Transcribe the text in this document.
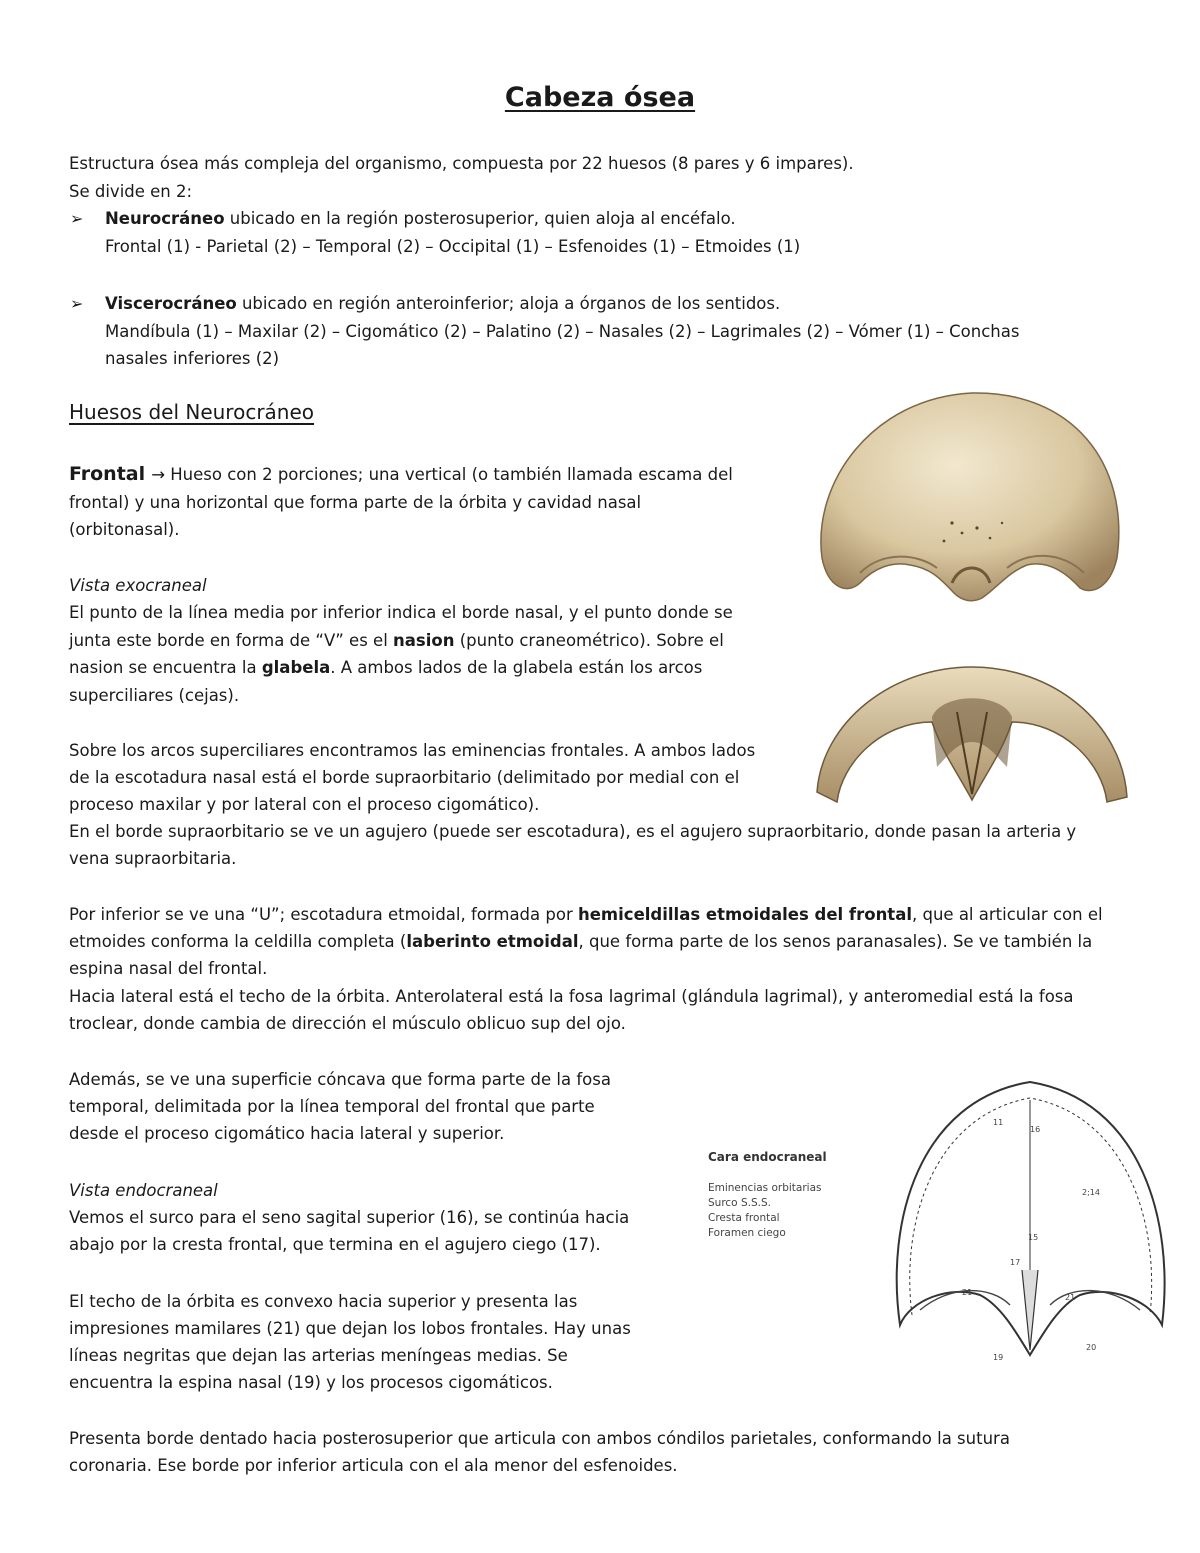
Cabeza ósea
Estructura ósea más compleja del organismo, compuesta por 22 huesos (8 pares y 6 impares).
Se divide en 2:
➢ Neurocráneo ubicado en la región posterosuperior, quien aloja al encéfalo.
Frontal (1) - Parietal (2) – Temporal (2) – Occipital (1) – Esfenoides (1) – Etmoides (1)
➢ Viscerocráneo ubicado en región anteroinferior; aloja a órganos de los sentidos.
Mandíbula (1) – Maxilar (2) – Cigomático (2) – Palatino (2) – Nasales (2) – Lagrimales (2) – Vómer (1) – Conchas
nasales inferiores (2)
Huesos del Neurocráneo
Frontal → Hueso con 2 porciones; una vertical (o también llamada escama del
frontal) y una horizontal que forma parte de la órbita y cavidad nasal
(orbitonasal).
Vista exocraneal
El punto de la línea media por inferior indica el borde nasal, y el punto donde se
junta este borde en forma de “V” es el nasion (punto craneométrico). Sobre el
nasion se encuentra la glabela. A ambos lados de la glabela están los arcos
superciliares (cejas).
Sobre los arcos superciliares encontramos las eminencias frontales. A ambos lados
de la escotadura nasal está el borde supraorbitario (delimitado por medial con el
proceso maxilar y por lateral con el proceso cigomático).
En el borde supraorbitario se ve un agujero (puede ser escotadura), es el agujero supraorbitario, donde pasan la arteria y
vena supraorbitaria.
Por inferior se ve una “U”; escotadura etmoidal, formada por hemiceldillas etmoidales del frontal, que al articular con el
etmoides conforma la celdilla completa (laberinto etmoidal, que forma parte de los senos paranasales). Se ve también la
espina nasal del frontal.
Hacia lateral está el techo de la órbita. Anterolateral está la fosa lagrimal (glándula lagrimal), y anteromedial está la fosa
troclear, donde cambia de dirección el músculo oblicuo sup del ojo.
Además, se ve una superficie cóncava que forma parte de la fosa
temporal, delimitada por la línea temporal del frontal que parte
desde el proceso cigomático hacia lateral y superior.
Vista endocraneal
Vemos el surco para el seno sagital superior (16), se continúa hacia
abajo por la cresta frontal, que termina en el agujero ciego (17).
El techo de la órbita es convexo hacia superior y presenta las
impresiones mamilares (21) que dejan los lobos frontales. Hay unas
líneas negritas que dejan las arterias meníngeas medias. Se
encuentra la espina nasal (19) y los procesos cigomáticos.
Presenta borde dentado hacia posterosuperior que articula con ambos cóndilos parietales, conformando la sutura
coronaria. Ese borde por inferior articula con el ala menor del esfenoides.
Cara endocraneal
Eminencias orbitarias
Surco S.S.S.
Cresta frontal
Foramen ciego
11
16
2;14
15
17
21
21
19
20
